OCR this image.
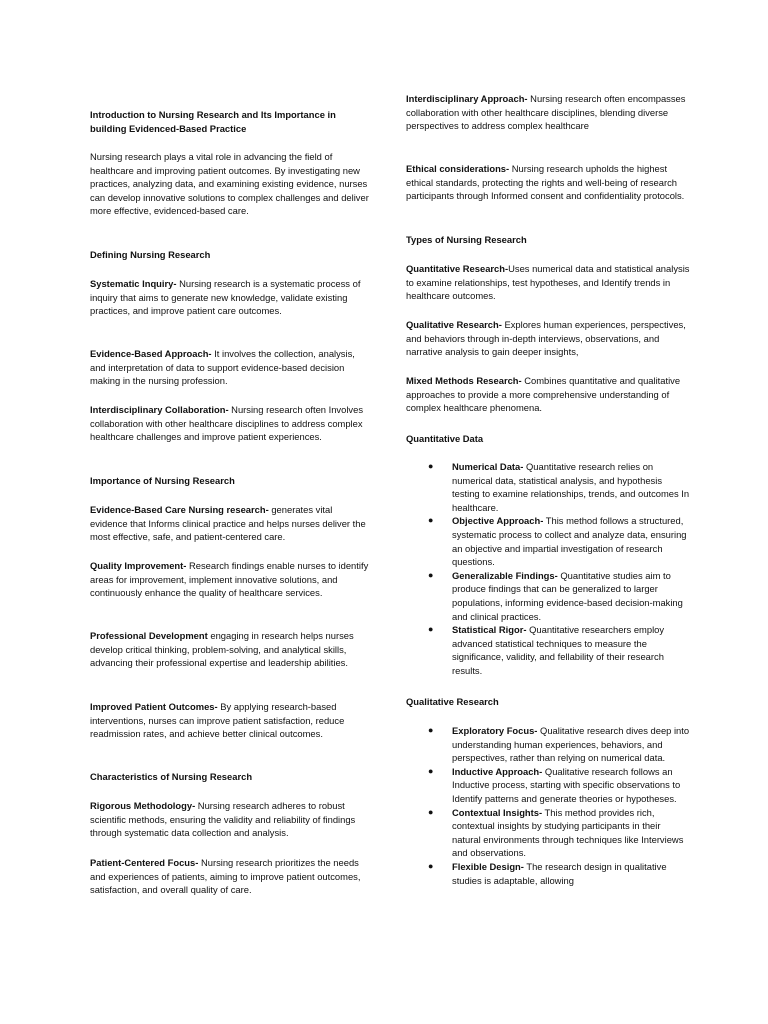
Introduction to Nursing Research and Its Importance in building Evidenced-Based Practice

Nursing research plays a vital role in advancing the field of healthcare and improving patient outcomes. By investigating new practices, analyzing data, and examining existing evidence, nurses can develop innovative solutions to complex challenges and deliver more effective, evidenced-based care.

Defining Nursing Research

Systematic Inquiry- Nursing research is a systematic process of inquiry that aims to generate new knowledge, validate existing practices, and improve patient care outcomes.

Evidence-Based Approach- It involves the collection, analysis, and interpretation of data to support evidence-based decision making in the nursing profession.

Interdisciplinary Collaboration- Nursing research often Involves collaboration with other healthcare disciplines to address complex healthcare challenges and improve patient experiences.

Importance of Nursing Research

Evidence-Based Care Nursing research- generates vital evidence that Informs clinical practice and helps nurses deliver the most effective, safe, and patient-centered care.

Quality Improvement- Research findings enable nurses to identify areas for improvement, implement innovative solutions, and continuously enhance the quality of healthcare services.

Professional Development engaging in research helps nurses develop critical thinking, problem-solving, and analytical skills, advancing their professional expertise and leadership abilities.

Improved Patient Outcomes- By applying research-based interventions, nurses can improve patient satisfaction, reduce readmission rates, and achieve better clinical outcomes.

Characteristics of Nursing Research

Rigorous Methodology- Nursing research adheres to robust scientific methods, ensuring the validity and reliability of findings through systematic data collection and analysis.

Patient-Centered Focus- Nursing research prioritizes the needs and experiences of patients, aiming to improve patient outcomes, satisfaction, and overall quality of care.

Interdisciplinary Approach- Nursing research often encompasses collaboration with other healthcare disciplines, blending diverse perspectives to address complex healthcare

Ethical considerations- Nursing research upholds the highest ethical standards, protecting the rights and well-being of research participants through Informed consent and confidentiality protocols.

Types of Nursing Research

Quantitative Research-Uses numerical data and statistical analysis to examine relationships, test hypotheses, and Identify trends in healthcare outcomes.

Qualitative Research- Explores human experiences, perspectives, and behaviors through in-depth interviews, observations, and narrative analysis to gain deeper insights,

Mixed Methods Research- Combines quantitative and qualitative approaches to provide a more comprehensive understanding of complex healthcare phenomena.

Quantitative Data

● Numerical Data- Quantitative research relies on numerical data, statistical analysis, and hypothesis testing to examine relationships, trends, and outcomes In healthcare.
● Objective Approach- This method follows a structured, systematic process to collect and analyze data, ensuring an objective and impartial investigation of research questions.
● Generalizable Findings- Quantitative studies aim to produce findings that can be generalized to larger populations, informing evidence-based decision-making and clinical practices.
● Statistical Rigor- Quantitative researchers employ advanced statistical techniques to measure the significance, validity, and fellability of their research results.

Qualitative Research

● Exploratory Focus- Qualitative research dives deep into understanding human experiences, behaviors, and perspectives, rather than relying on numerical data.
● Inductive Approach- Qualitative research follows an Inductive process, starting with specific observations to Identify patterns and generate theories or hypotheses.
● Contextual Insights- This method provides rich, contextual insights by studying participants in their natural environments through techniques like Interviews and observations.
● Flexible Design- The research design in qualitative studies is adaptable, allowing
